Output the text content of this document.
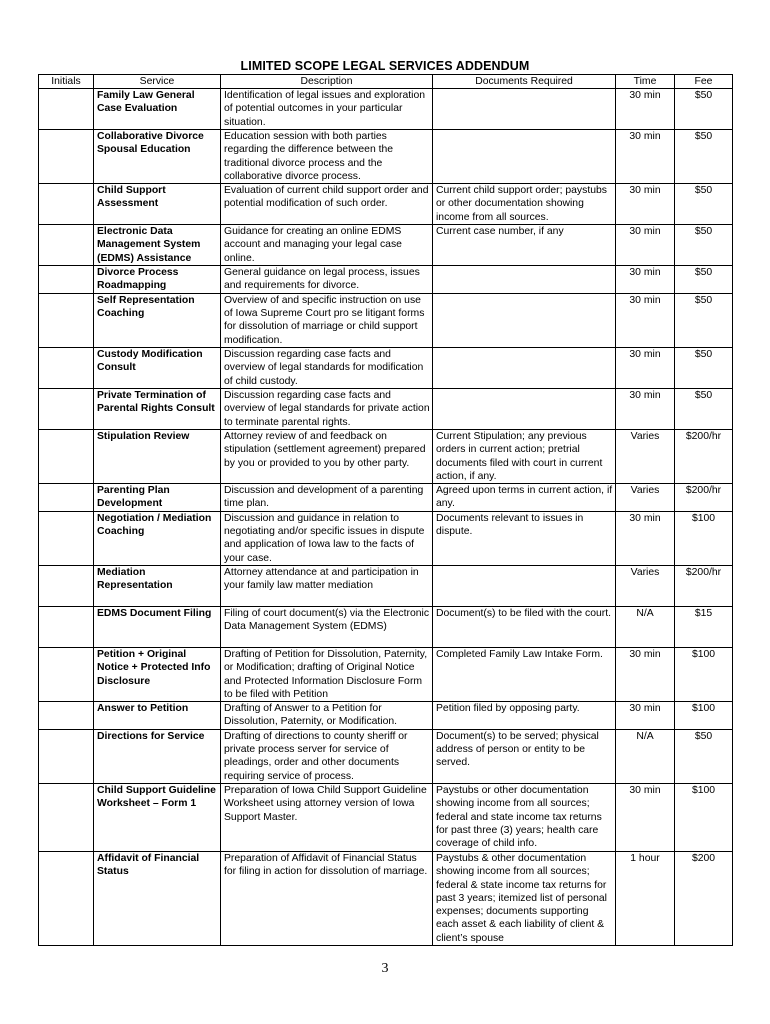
LIMITED SCOPE LEGAL SERVICES ADDENDUM
Initials	Service	Description	Documents Required	Time	Fee
	Family Law General Case Evaluation	Identification of legal issues and exploration of potential outcomes in your particular situation.		30 min	$50
	Collaborative Divorce Spousal Education	Education session with both parties regarding the difference between the traditional divorce process and the collaborative divorce process.		30 min	$50
	Child Support Assessment	Evaluation of current child support order and potential modification of such order.	Current child support order; paystubs or other documentation showing income from all sources.	30 min	$50
	Electronic Data Management System (EDMS) Assistance	Guidance for creating an online EDMS account and managing your legal case online.	Current case number, if any	30 min	$50
	Divorce Process Roadmapping	General guidance on legal process, issues and requirements for divorce.		30 min	$50
	Self Representation Coaching	Overview of and specific instruction on use of Iowa Supreme Court pro se litigant forms for dissolution of marriage or child support modification.		30 min	$50
	Custody Modification Consult	Discussion regarding case facts and overview of legal standards for modification of child custody.		30 min	$50
	Private Termination of Parental Rights Consult	Discussion regarding case facts and overview of legal standards for private action to terminate parental rights.		30 min	$50
	Stipulation Review	Attorney review of and feedback on stipulation (settlement agreement) prepared by you or provided to you by other party.	Current Stipulation; any previous orders in current action; pretrial documents filed with court in current action, if any.	Varies	$200/hr
	Parenting Plan Development	Discussion and development of a parenting time plan.	Agreed upon terms in current action, if any.	Varies	$200/hr
	Negotiation / Mediation Coaching	Discussion and guidance in relation to negotiating and/or specific issues in dispute and application of Iowa law to the facts of your case.	Documents relevant to issues in dispute.	30 min	$100
	Mediation Representation	Attorney attendance at and participation in your family law matter mediation		Varies	$200/hr
	EDMS Document Filing	Filing of court document(s) via the Electronic Data Management System (EDMS)	Document(s) to be filed with the court.	N/A	$15
	Petition + Original Notice + Protected Info Disclosure	Drafting of Petition for Dissolution, Paternity, or Modification; drafting of Original Notice and Protected Information Disclosure Form to be filed with Petition	Completed Family Law Intake Form.	30 min	$100
	Answer to Petition	Drafting of Answer to a Petition for Dissolution, Paternity, or Modification.	Petition filed by opposing party.	30 min	$100
	Directions for Service	Drafting of directions to county sheriff or private process server for service of pleadings, order and other documents requiring service of process.	Document(s) to be served; physical address of person or entity to be served.	N/A	$50
	Child Support Guideline Worksheet – Form 1	Preparation of Iowa Child Support Guideline Worksheet using attorney version of Iowa Support Master.	Paystubs or other documentation showing income from all sources; federal and state income tax returns for past three (3) years; health care coverage of child info.	30 min	$100
	Affidavit of Financial Status	Preparation of Affidavit of Financial Status for filing in action for dissolution of marriage.	Paystubs & other documentation showing income from all sources; federal & state income tax returns for past 3 years; itemized list of personal expenses; documents supporting each asset & each liability of client & client’s spouse	1 hour	$200
3
